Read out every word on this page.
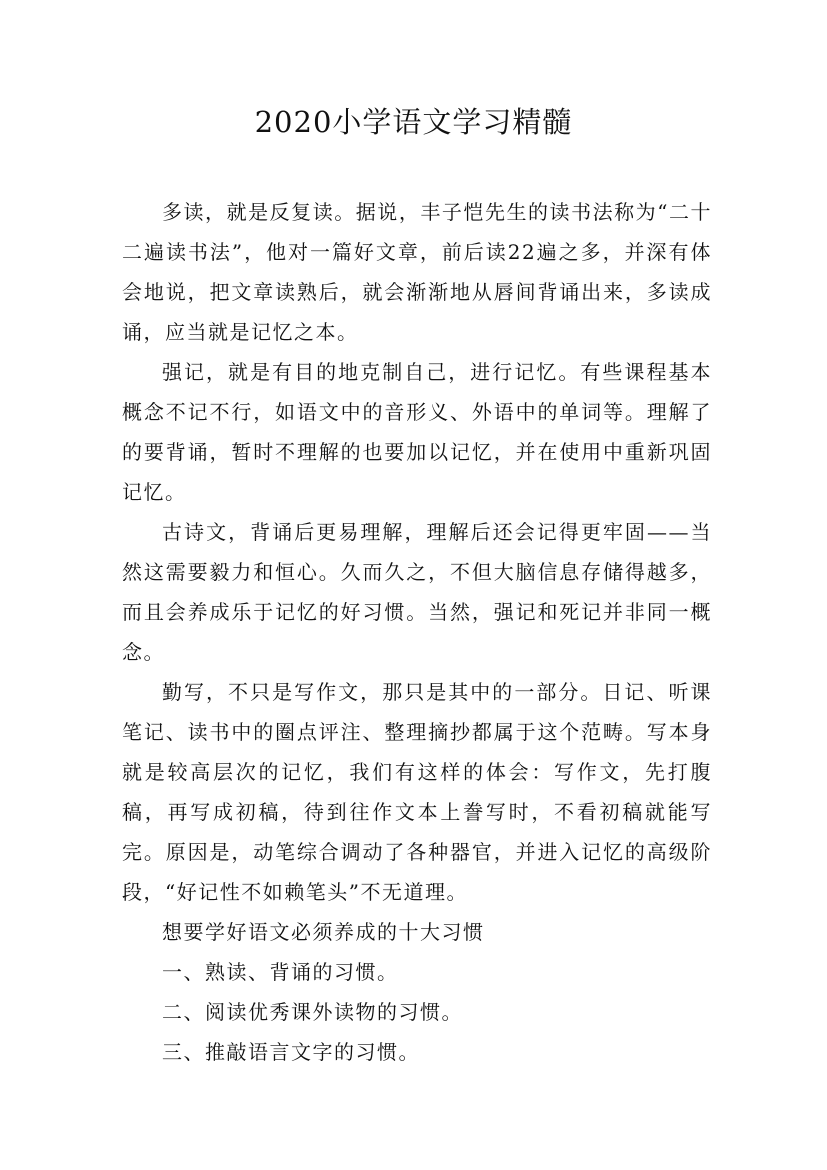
2020小学语文学习精髓

多读，就是反复读。据说，丰子恺先生的读书法称为“二十二遍读书法”，他对一篇好文章，前后读22遍之多，并深有体会地说，把文章读熟后，就会渐渐地从唇间背诵出来，多读成诵，应当就是记忆之本。

强记，就是有目的地克制自己，进行记忆。有些课程基本概念不记不行，如语文中的音形义、外语中的单词等。理解了的要背诵，暂时不理解的也要加以记忆，并在使用中重新巩固记忆。

古诗文，背诵后更易理解，理解后还会记得更牢固——当然这需要毅力和恒心。久而久之，不但大脑信息存储得越多，而且会养成乐于记忆的好习惯。当然，强记和死记并非同一概念。

勤写，不只是写作文，那只是其中的一部分。日记、听课笔记、读书中的圈点评注、整理摘抄都属于这个范畴。写本身就是较高层次的记忆，我们有这样的体会：写作文，先打腹稿，再写成初稿，待到往作文本上誊写时，不看初稿就能写完。原因是，动笔综合调动了各种器官，并进入记忆的高级阶段，“好记性不如赖笔头”不无道理。

想要学好语文必须养成的十大习惯

一、熟读、背诵的习惯。

二、阅读优秀课外读物的习惯。

三、推敲语言文字的习惯。
